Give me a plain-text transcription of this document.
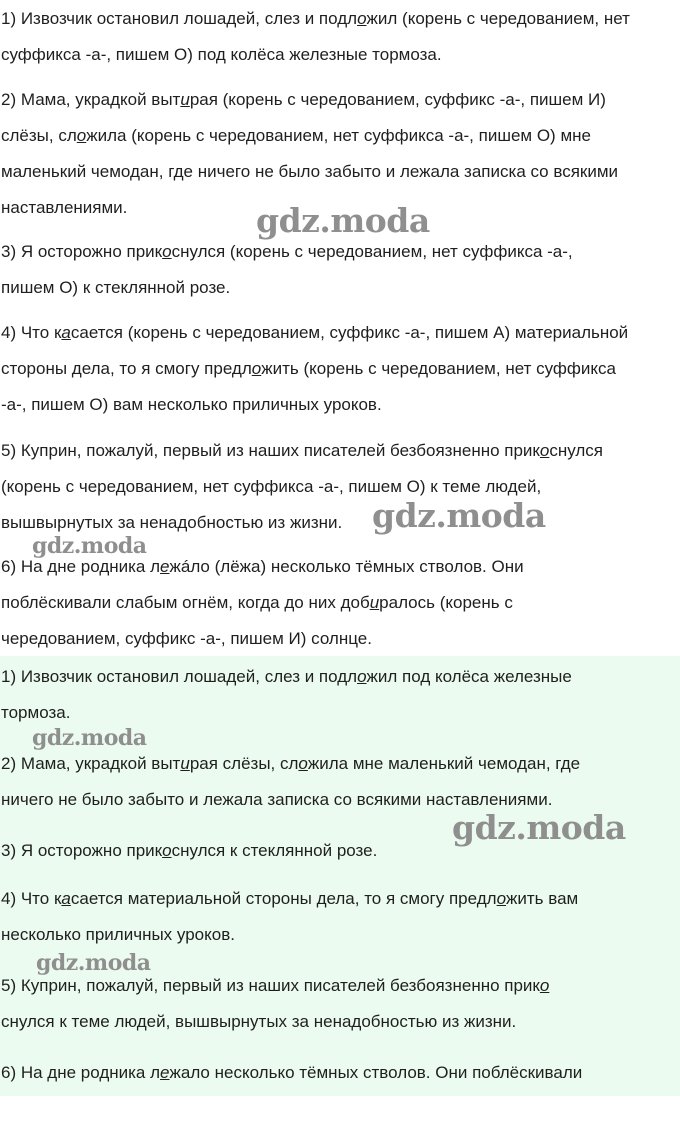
1) Извозчик остановил лошадей, слез и подложил (корень с чередованием, нет
суффикса -а-, пишем О) под колёса железные тормоза.

2) Мама, украдкой вытирая (корень с чередованием, суффикс -а-, пишем И)
слёзы, сложила (корень с чередованием, нет суффикса -а-, пишем О) мне
маленький чемодан, где ничего не было забыто и лежала записка со всякими
наставлениями.

3) Я осторожно прикоснулся (корень с чередованием, нет суффикса -а-,
пишем О) к стеклянной розе.

4) Что касается (корень с чередованием, суффикс -а-, пишем А) материальной
стороны дела, то я смогу предложить (корень с чередованием, нет суффикса
-а-, пишем О) вам несколько приличных уроков.

5) Куприн, пожалуй, первый из наших писателей безбоязненно прикоснулся
(корень с чередованием, нет суффикса -а-, пишем О) к теме людей,
вышвырнутых за ненадобностью из жизни.

6) На дне родника лежáло (лёжа) несколько тёмных стволов. Они
поблёскивали слабым огнём, когда до них добиралось (корень с
чередованием, суффикс -а-, пишем И) солнце.

gdz.moda
gdz.moda
gdz.moda

1) Извозчик остановил лошадей, слез и подложил под колёса железные
тормоза.

2) Мама, украдкой вытирая слёзы, сложила мне маленький чемодан, где
ничего не было забыто и лежала записка со всякими наставлениями.

3) Я осторожно прикоснулся к стеклянной розе.

4) Что касается материальной стороны дела, то я смогу предложить вам
несколько приличных уроков.

5) Куприн, пожалуй, первый из наших писателей безбоязненно прико
снулся к теме людей, вышвырнутых за ненадобностью из жизни.

6) На дне родника лежало несколько тёмных стволов. Они поблёскивали

gdz.moda
gdz.moda
gdz.moda
